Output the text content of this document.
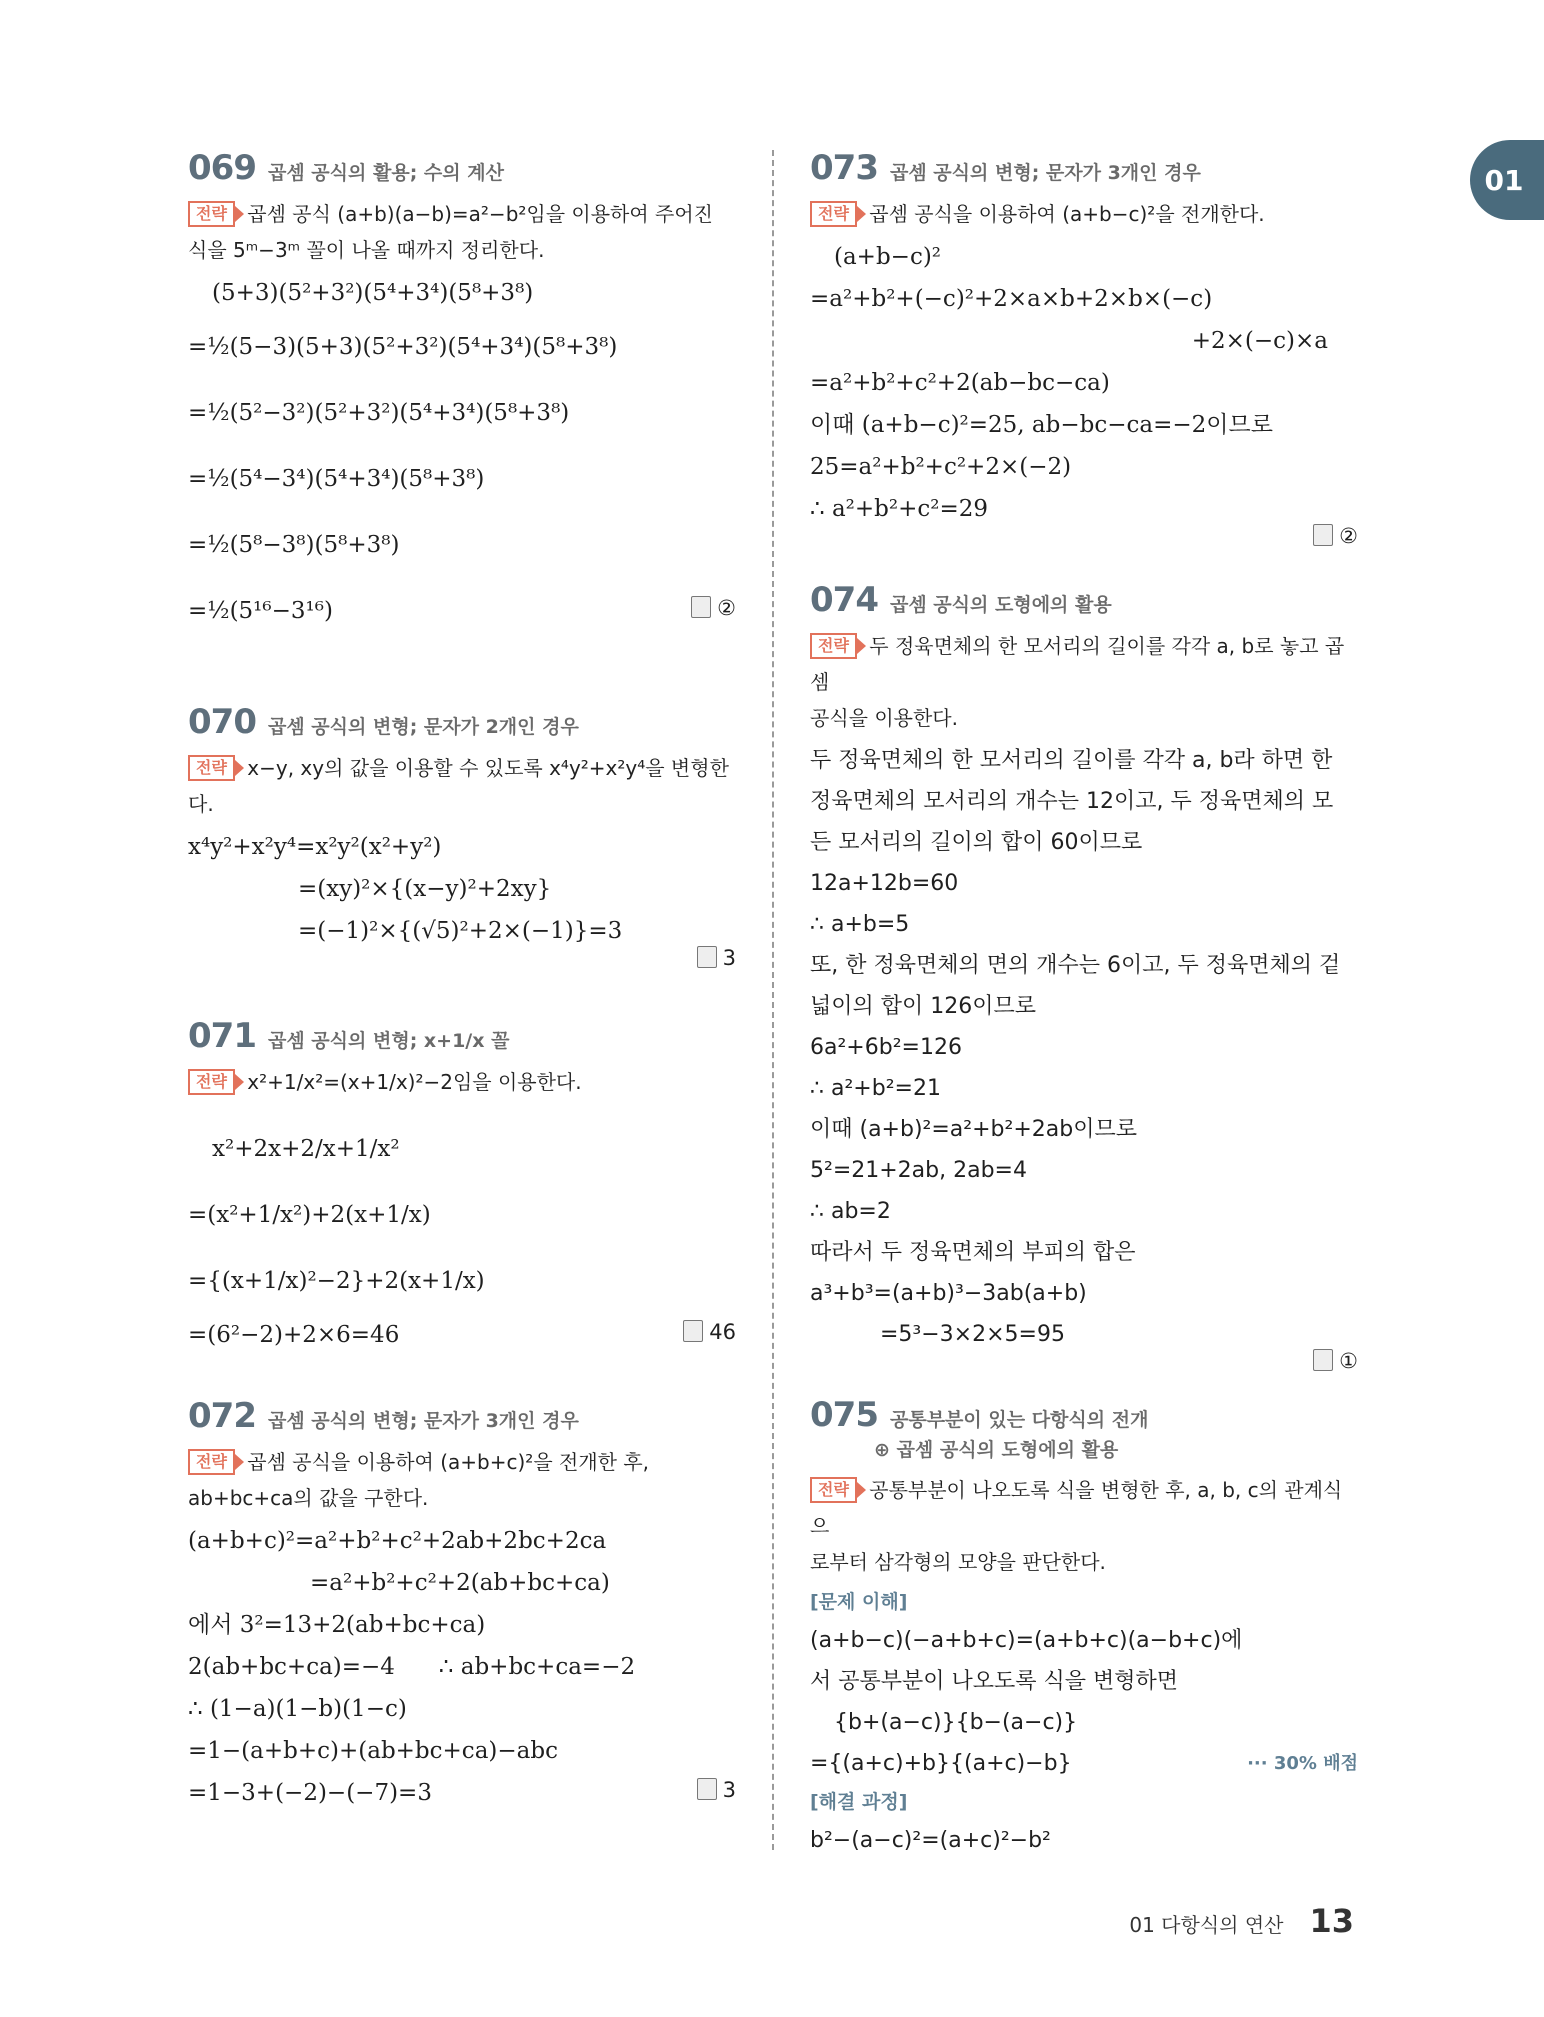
01
069 곱셈 공식의 활용; 수의 계산
전략 곱셈 공식 (a+b)(a−b)=a²−b²임을 이용하여 주어진
식을 5ᵐ−3ᵐ 꼴이 나올 때까지 정리한다.
(5+3)(5²+3²)(5⁴+3⁴)(5⁸+3⁸)
=½(5−3)(5+3)(5²+3²)(5⁴+3⁴)(5⁸+3⁸)
=½(5²−3²)(5²+3²)(5⁴+3⁴)(5⁸+3⁸)
=½(5⁴−3⁴)(5⁴+3⁴)(5⁸+3⁸)
=½(5⁸−3⁸)(5⁸+3⁸)
=½(5¹⁶−3¹⁶)	②
070 곱셈 공식의 변형; 문자가 2개인 경우
전략 x−y, xy의 값을 이용할 수 있도록 x⁴y²+x²y⁴을 변형한
다.
x⁴y²+x²y⁴=x²y²(x²+y²)
=(xy)²×{(x−y)²+2xy}
=(−1)²×{(√5)²+2×(−1)}=3
3
071 곱셈 공식의 변형; x+1/x 꼴
전략 x²+1/x²=(x+1/x)²−2임을 이용한다.
x²+2x+2/x+1/x²
=(x²+1/x²)+2(x+1/x)
={(x+1/x)²−2}+2(x+1/x)
=(6²−2)+2×6=46	46
072 곱셈 공식의 변형; 문자가 3개인 경우
전략 곱셈 공식을 이용하여 (a+b+c)²을 전개한 후,
ab+bc+ca의 값을 구한다.
(a+b+c)²=a²+b²+c²+2ab+2bc+2ca
=a²+b²+c²+2(ab+bc+ca)
에서 3²=13+2(ab+bc+ca)
2(ab+bc+ca)=−4      ∴ ab+bc+ca=−2
∴ (1−a)(1−b)(1−c)
=1−(a+b+c)+(ab+bc+ca)−abc
=1−3+(−2)−(−7)=3	3
073 곱셈 공식의 변형; 문자가 3개인 경우
전략 곱셈 공식을 이용하여 (a+b−c)²을 전개한다.
(a+b−c)²
=a²+b²+(−c)²+2×a×b+2×b×(−c)
+2×(−c)×a
=a²+b²+c²+2(ab−bc−ca)
이때 (a+b−c)²=25, ab−bc−ca=−2이므로
25=a²+b²+c²+2×(−2)
∴ a²+b²+c²=29
②
074 곱셈 공식의 도형에의 활용
전략 두 정육면체의 한 모서리의 길이를 각각 a, b로 놓고 곱셈
공식을 이용한다.
두 정육면체의 한 모서리의 길이를 각각 a, b라 하면 한
정육면체의 모서리의 개수는 12이고, 두 정육면체의 모
든 모서리의 길이의 합이 60이므로
12a+12b=60
∴ a+b=5
또, 한 정육면체의 면의 개수는 6이고, 두 정육면체의 겉
넓이의 합이 126이므로
6a²+6b²=126
∴ a²+b²=21
이때 (a+b)²=a²+b²+2ab이므로
5²=21+2ab, 2ab=4
∴ ab=2
따라서 두 정육면체의 부피의 합은
a³+b³=(a+b)³−3ab(a+b)
=5³−3×2×5=95
①
075 공통부분이 있는 다항식의 전개
⊕ 곱셈 공식의 도형에의 활용
전략 공통부분이 나오도록 식을 변형한 후, a, b, c의 관계식으
로부터 삼각형의 모양을 판단한다.
[문제 이해]
(a+b−c)(−a+b+c)=(a+b+c)(a−b+c)에
서 공통부분이 나오도록 식을 변형하면
{b+(a−c)}{b−(a−c)}
={(a+c)+b}{(a+c)−b}	··· 30% 배점
[해결 과정]
b²−(a−c)²=(a+c)²−b²
01 다항식의 연산 13
